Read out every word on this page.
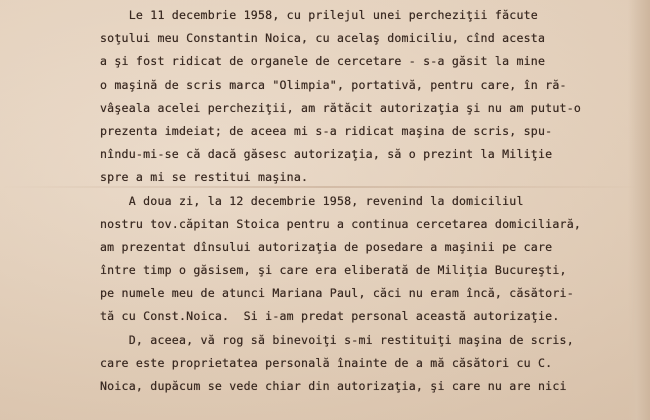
Le 11 decembrie 1958, cu prilejul unei percheziţii făcute
soţului meu Constantin Noica, cu acelaş domiciliu, cînd acesta
a şi fost ridicat de organele de cercetare - s-a găsit la mine
o maşină de scris marca "Olimpia", portativă, pentru care, în ră-
vâşeala acelei percheziţii, am rătăcit autorizaţia şi nu am putut-o
prezenta imdeiat; de aceea mi s-a ridicat maşina de scris, spu-
nîndu-mi-se că dacă găsesc autorizaţia, să o prezint la Miliţie
spre a mi se restitui maşina.
A doua zi, la 12 decembrie 1958, revenind la domiciliul
nostru tov.căpitan Stoica pentru a continua cercetarea domiciliară,
am prezentat dînsului autorizaţia de posedare a maşinii pe care
între timp o găsisem, şi care era eliberată de Miliţia Bucureşti,
pe numele meu de atunci Mariana Paul, căci nu eram încă, căsători-
tă cu Const.Noica.  Si i-am predat personal această autorizaţie.
D, aceea, vă rog să binevoiţi s-mi restituiţi maşina de scris,
care este proprietatea personală înainte de a mă căsători cu C.
Noica, dupăcum se vede chiar din autorizaţia, şi care nu are nici
